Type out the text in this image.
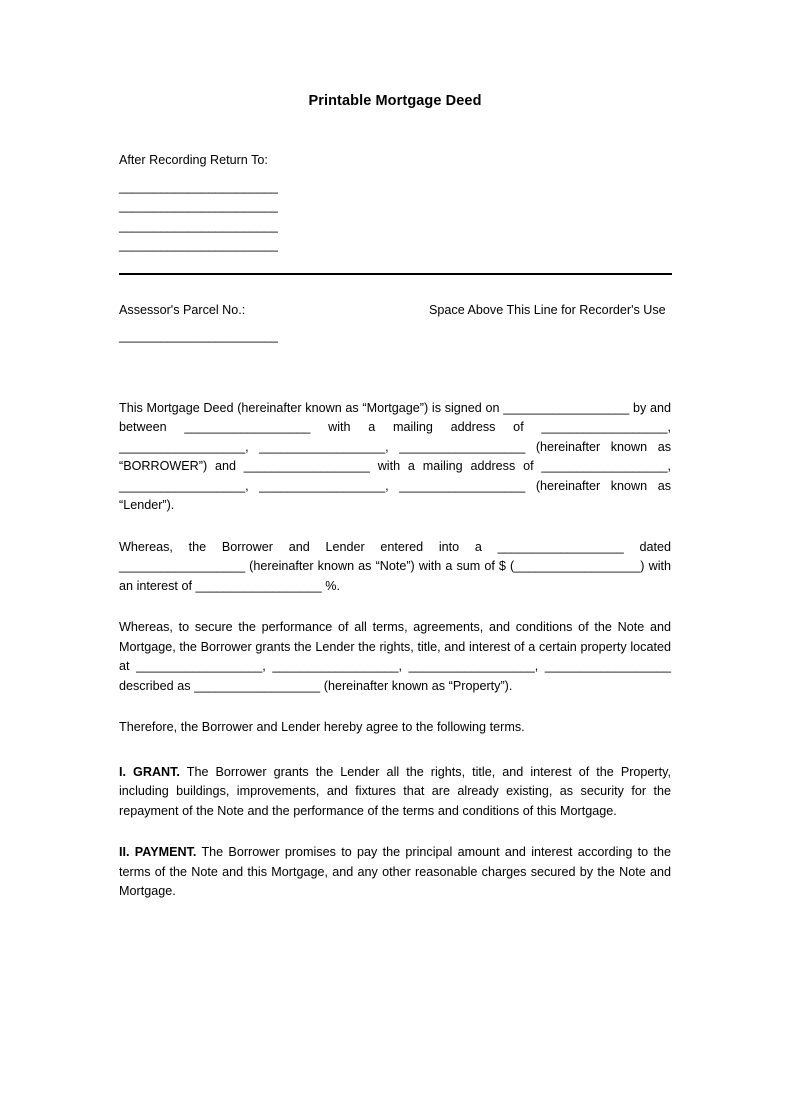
Printable Mortgage Deed
After Recording Return To:
_______________________
_______________________
_______________________
_______________________
Assessor's Parcel No.:
_______________________
Space Above This Line for Recorder's Use

This Mortgage Deed (hereinafter known as “Mortgage”) is signed on __________________ by and between __________________ with a mailing address of __________________, __________________, __________________, __________________ (hereinafter known as “BORROWER”) and __________________ with a mailing address of __________________, __________________, __________________, __________________ (hereinafter known as “Lender”).

Whereas, the Borrower and Lender entered into a __________________ dated __________________ (hereinafter known as “Note”) with a sum of $ (__________________) with an interest of __________________ %.

Whereas, to secure the performance of all terms, agreements, and conditions of the Note and Mortgage, the Borrower grants the Lender the rights, title, and interest of a certain property located at __________________, __________________, __________________, __________________ described as __________________ (hereinafter known as “Property”).

Therefore, the Borrower and Lender hereby agree to the following terms.

I. GRANT. The Borrower grants the Lender all the rights, title, and interest of the Property, including buildings, improvements, and fixtures that are already existing, as security for the repayment of the Note and the performance of the terms and conditions of this Mortgage.

II. PAYMENT. The Borrower promises to pay the principal amount and interest according to the terms of the Note and this Mortgage, and any other reasonable charges secured by the Note and Mortgage.
